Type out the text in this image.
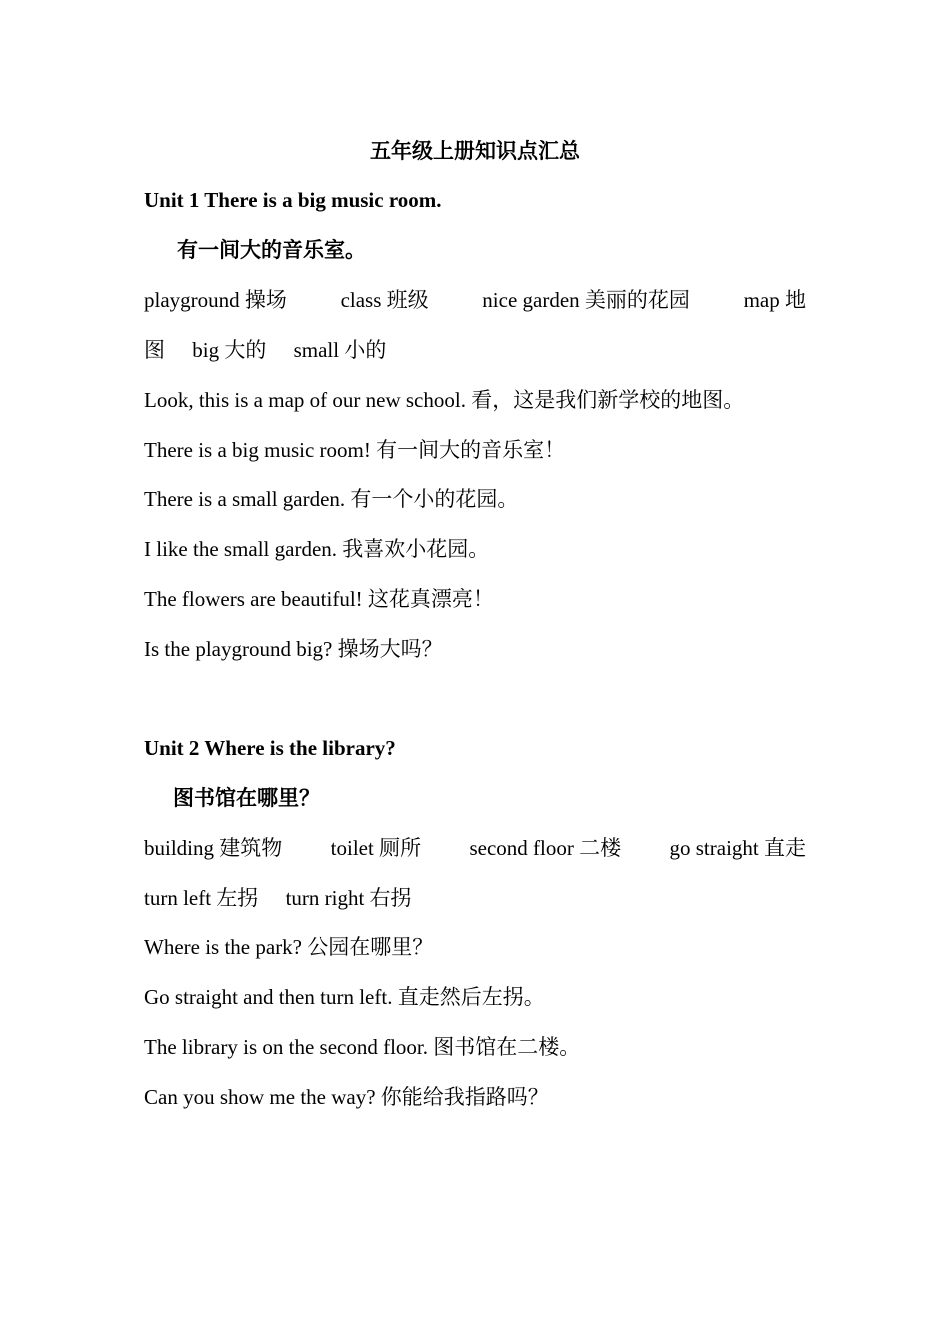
五年级上册知识点汇总
Unit 1 There is a big music room.
有一间大的音乐室。
playground 操场	class 班级	nice garden 美丽的花园	map 地
图 big 大的 small 小的
Look, this is a map of our new school. 看，这是我们新学校的地图。
There is a big music room! 有一间大的音乐室！
There is a small garden. 有一个小的花园。
I like the small garden. 我喜欢小花园。
The flowers are beautiful! 这花真漂亮！
Is the playground big? 操场大吗？
Unit 2 Where is the library?
图书馆在哪里？
building 建筑物 toilet 厕所 second floor 二楼 go straight 直走
turn left 左拐 turn right 右拐
Where is the park? 公园在哪里？
Go straight and then turn left. 直走然后左拐。
The library is on the second floor. 图书馆在二楼。
Can you show me the way? 你能给我指路吗？
